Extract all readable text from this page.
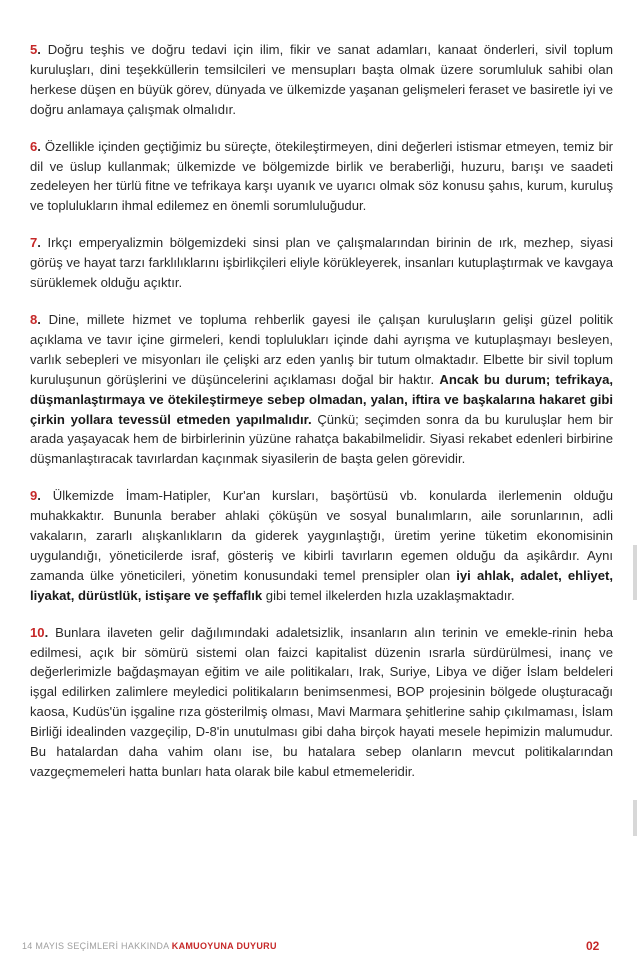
5. Doğru teşhis ve doğru tedavi için ilim, fikir ve sanat adamları, kanaat önderleri, sivil toplum kuruluşları, dini teşekküllerin temsilcileri ve mensupları başta olmak üzere sorumluluk sahibi olan herkese düşen en büyük görev, dünyada ve ülkemizde yaşanan gelişmeleri feraset ve basiretle iyi ve doğru anlamaya çalışmak olmalıdır.

6. Özellikle içinden geçtiğimiz bu süreçte, ötekileştirmeyen, dini değerleri istismar etmeyen, temiz bir dil ve üslup kullanmak; ülkemizde ve bölgemizde birlik ve beraberliği, huzuru, barışı ve saadeti zedeleyen her türlü fitne ve tefrikaya karşı uyanık ve uyarıcı olmak söz konusu şahıs, kurum, kuruluş ve toplulukların ihmal edilemez en önemli sorumluluğudur.

7. Irkçı emperyalizmin bölgemizdeki sinsi plan ve çalışmalarından birinin de ırk, mezhep, siyasi görüş ve hayat tarzı farklılıklarını işbirlikçileri eliyle körükleyerek, insanları kutuplaştırmak ve kavgaya sürüklemek olduğu açıktır.

8. Dine, millete hizmet ve topluma rehberlik gayesi ile çalışan kuruluşların gelişi güzel politik açıklama ve tavır içine girmeleri, kendi toplulukları içinde dahi ayrışma ve kutuplaşmayı besleyen, varlık sebepleri ve misyonları ile çelişki arz eden yanlış bir tutum olmaktadır. Elbette bir sivil toplum kuruluşunun görüşlerini ve düşüncelerini açıklaması doğal bir haktır. Ancak bu durum; tefrikaya, düşmanlaştırmaya ve ötekileştirmeye sebep olmadan, yalan, iftira ve başkalarına hakaret gibi çirkin yollara tevessül etmeden yapılmalıdır. Çünkü; seçimden sonra da bu kuruluşlar hem bir arada yaşayacak hem de birbirlerinin yüzüne rahatça bakabilmelidir. Siyasi rekabet edenleri birbirine düşmanlaştıracak tavırlardan kaçınmak siyasilerin de başta gelen görevidir.

9. Ülkemizde İmam-Hatipler, Kur'an kursları, başörtüsü vb. konularda ilerlemenin olduğu muhakkaktır. Bununla beraber ahlaki çöküşün ve sosyal bunalımların, aile sorunlarının, adli vakaların, zararlı alışkanlıkların da giderek yaygınlaştığı, üretim yerine tüketim ekonomisinin uygulandığı, yöneticilerde israf, gösteriş ve kibirli tavırların egemen olduğu da aşikârdır. Aynı zamanda ülke yöneticileri, yönetim konusundaki temel prensipler olan iyi ahlak, adalet, ehliyet, liyakat, dürüstlük, istişare ve şeffaflık gibi temel ilkelerden hızla uzaklaşmaktadır.

10. Bunlara ilaveten gelir dağılımındaki adaletsizlik, insanların alın terinin ve emekle-rinin heba edilmesi, açık bir sömürü sistemi olan faizci kapitalist düzenin ısrarla sürdürülmesi, inanç ve değerlerimizle bağdaşmayan eğitim ve aile politikaları, Irak, Suriye, Libya ve diğer İslam beldeleri işgal edilirken zalimlere meyledici politikaların benimsenmesi, BOP projesinin bölgede oluşturacağı kaosa, Kudüs'ün işgaline rıza gösterilmiş olması, Mavi Marmara şehitlerine sahip çıkılmaması, İslam Birliği idealinden vazgeçilip, D-8'in unutulması gibi daha birçok hayati mesele hepimizin malumudur. Bu hatalardan daha vahim olanı ise, bu hatalara sebep olanların mevcut politikalarından vazgeçmemeleri hatta bunları hata olarak bile kabul etmemeleridir.

14 MAYIS SEÇİMLERİ HAKKINDA KAMUOYUNA DUYURU	02
